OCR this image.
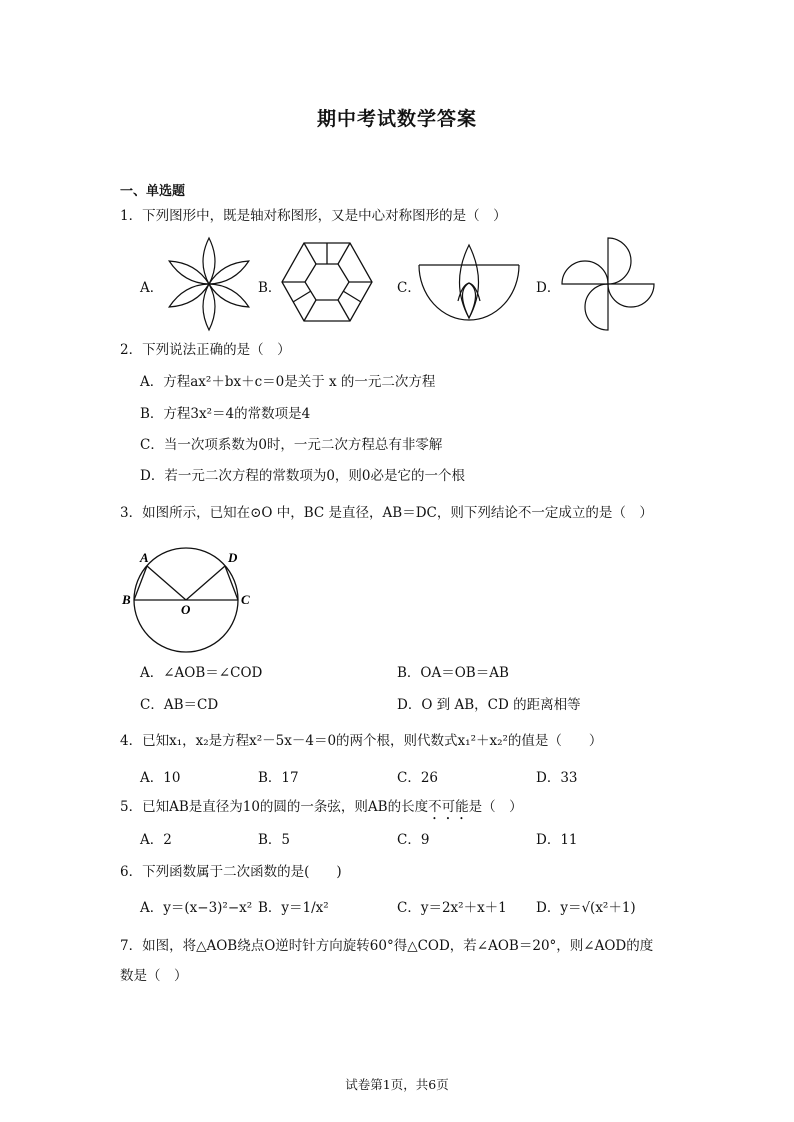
期中考试数学答案
一、单选题
1．下列图形中，既是轴对称图形，又是中心对称图形的是（　）
A．	B．	C．	D．
2．下列说法正确的是（　）
A．方程ax²＋bx＋c＝0是关于 x 的一元二次方程
B．方程3x²＝4的常数项是4
C．当一次项系数为0时，一元二次方程总有非零解
D．若一元二次方程的常数项为0，则0必是它的一个根
3．如图所示，已知在⊙O 中，BC 是直径，AB＝DC，则下列结论不一定成立的是（　）
A	D
B
O
C
A．∠AOB＝∠COD	B．OA＝OB＝AB
C．AB＝CD	D．O 到 AB，CD 的距离相等
4．已知x₁，x₂是方程x²－5x－4＝0的两个根，则代数式x₁²＋x₂²的值是（　　）
A．10	B．17	C．26	D．33
5．已知AB是直径为10的圆的一条弦，则AB的长度不可能是（　）
A．2	B．5	C．9	D．11
6．下列函数属于二次函数的是(　　)
A．y＝(x−3)²−x² B．y＝1/x²	C．y＝2x²＋x＋1 D．y＝√(x²＋1)
7．如图，将△AOB绕点O逆时针方向旋转60°得△COD，若∠AOB＝20°，则∠AOD的度
数是（　）
试卷第1页，共6页
